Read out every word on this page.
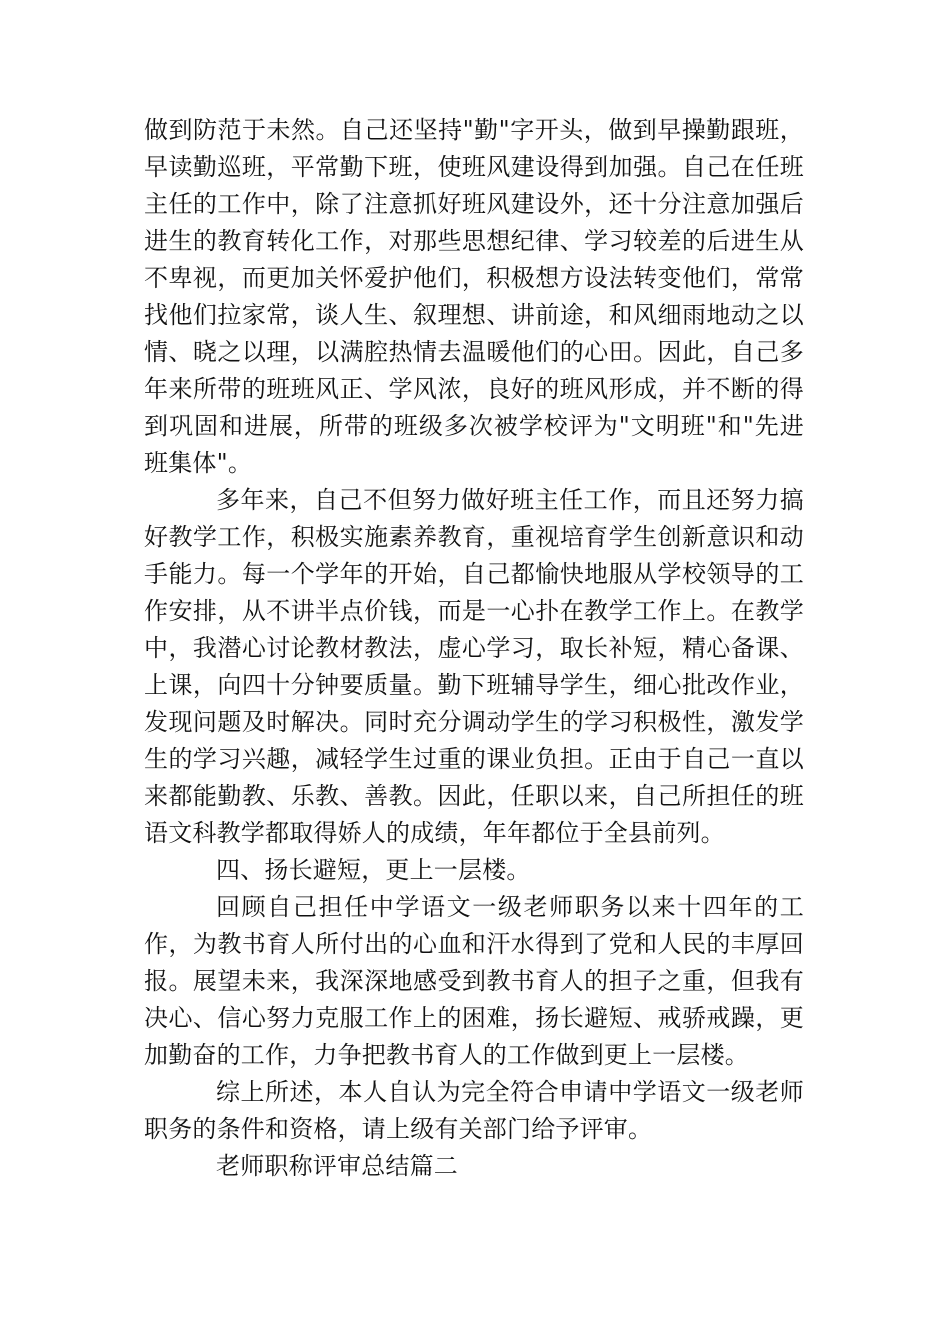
做到防范于未然。自己还坚持"勤"字开头，做到早操勤跟班，早读勤巡班，平常勤下班，使班风建设得到加强。自己在任班主任的工作中，除了注意抓好班风建设外，还十分注意加强后进生的教育转化工作，对那些思想纪律、学习较差的后进生从不卑视，而更加关怀爱护他们，积极想方设法转变他们，常常找他们拉家常，谈人生、叙理想、讲前途，和风细雨地动之以情、晓之以理，以满腔热情去温暖他们的心田。因此，自己多年来所带的班班风正、学风浓，良好的班风形成，并不断的得到巩固和进展，所带的班级多次被学校评为"文明班"和"先进班集体"。

多年来，自己不但努力做好班主任工作，而且还努力搞好教学工作，积极实施素养教育，重视培育学生创新意识和动手能力。每一个学年的开始，自己都愉快地服从学校领导的工作安排，从不讲半点价钱，而是一心扑在教学工作上。在教学中，我潜心讨论教材教法，虚心学习，取长补短，精心备课、上课，向四十分钟要质量。勤下班辅导学生，细心批改作业，发现问题及时解决。同时充分调动学生的学习积极性，激发学生的学习兴趣，减轻学生过重的课业负担。正由于自己一直以来都能勤教、乐教、善教。因此，任职以来，自己所担任的班语文科教学都取得娇人的成绩，年年都位于全县前列。

四、扬长避短，更上一层楼。

回顾自己担任中学语文一级老师职务以来十四年的工作，为教书育人所付出的心血和汗水得到了党和人民的丰厚回报。展望未来，我深深地感受到教书育人的担子之重，但我有决心、信心努力克服工作上的困难，扬长避短、戒骄戒躁，更加勤奋的工作，力争把教书育人的工作做到更上一层楼。

综上所述，本人自认为完全符合申请中学语文一级老师职务的条件和资格，请上级有关部门给予评审。

老师职称评审总结篇二
